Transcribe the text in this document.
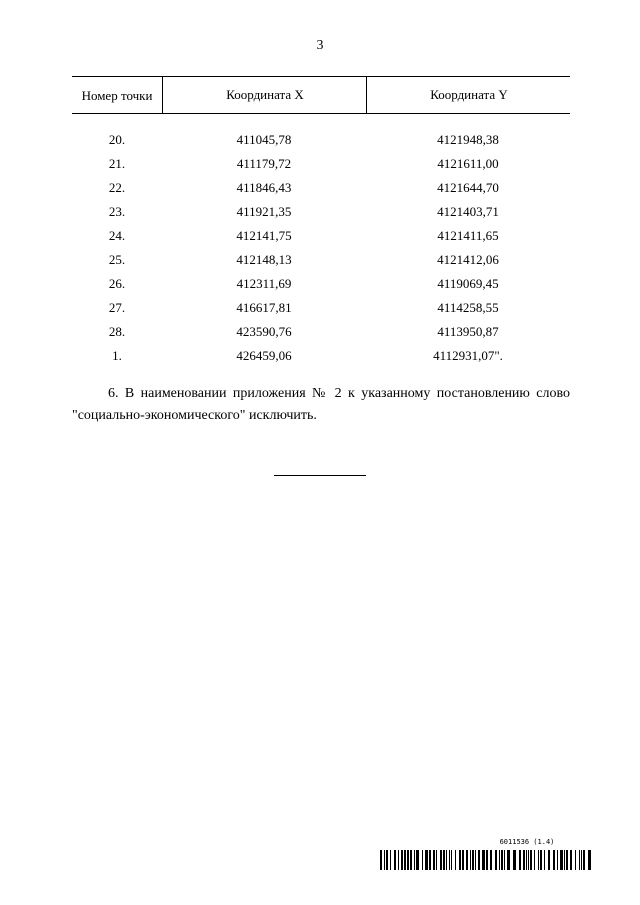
3
Номер точки	Координата X	Координата Y
20.	411045,78	4121948,38
21.	411179,72	4121611,00
22.	411846,43	4121644,70
23.	411921,35	4121403,71
24.	412141,75	4121411,65
25.	412148,13	4121412,06
26.	412311,69	4119069,45
27.	416617,81	4114258,55
28.	423590,76	4113950,87
1.	426459,06	4112931,07".
6. В наименовании приложения № 2 к указанному постановлению слово "социально-экономического" исключить.
6011536 (1.4)
